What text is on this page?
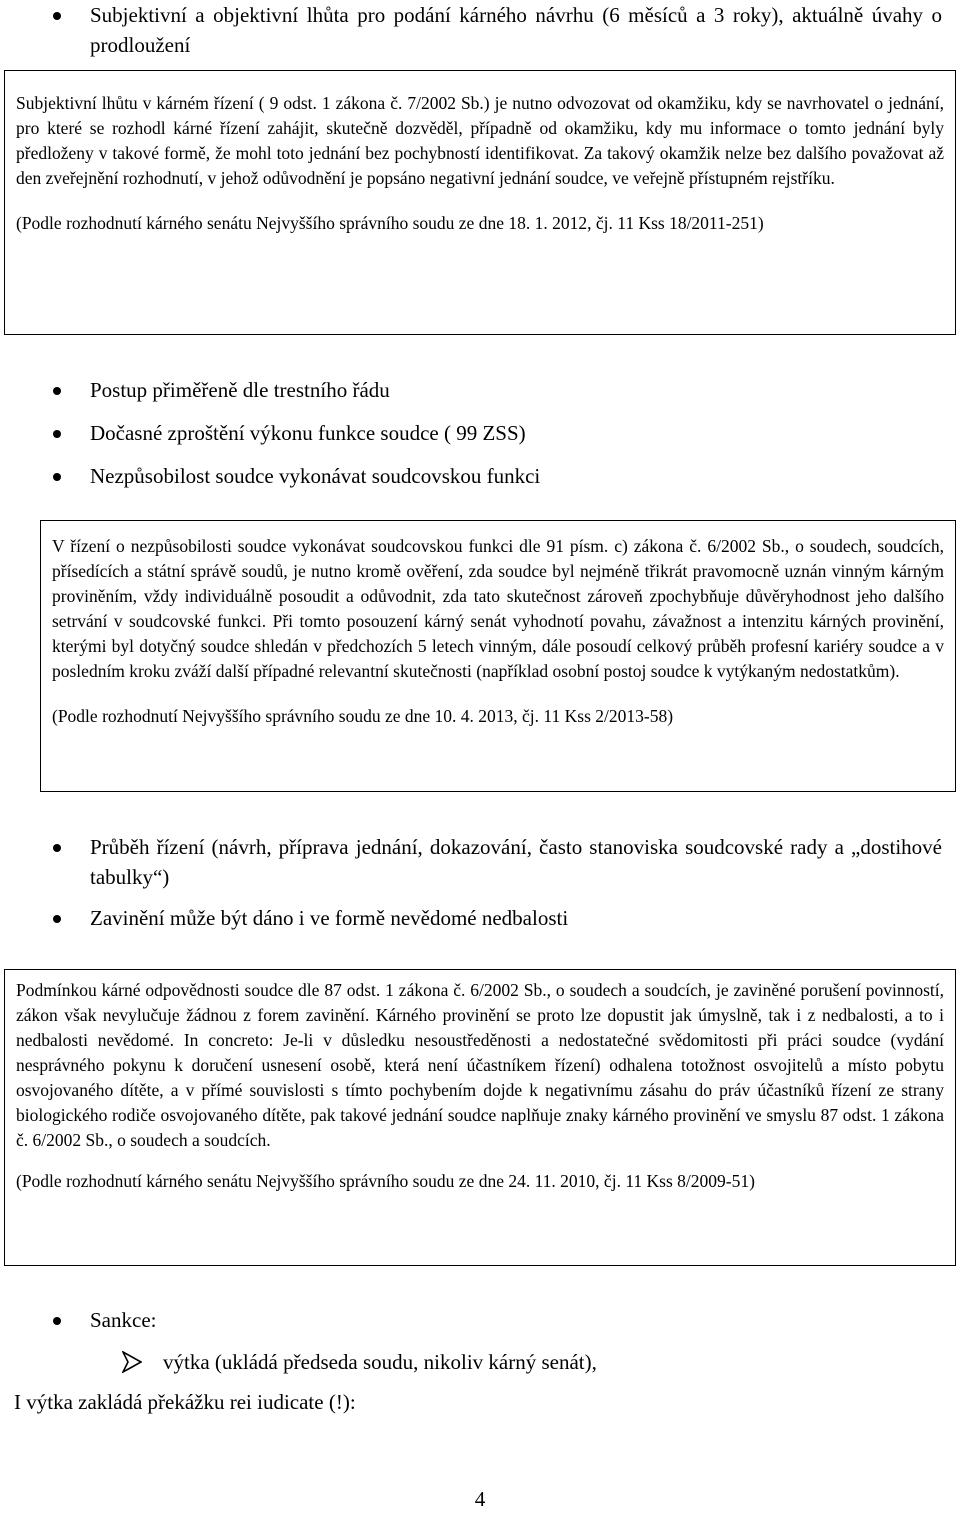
Subjektivní a objektivní lhůta pro podání kárného návrhu (6 měsíců a 3 roky), aktuálně úvahy o prodloužení

Subjektivní lhůtu v kárném řízení ( 9 odst. 1 zákona č. 7/2002 Sb.) je nutno odvozovat od okamžiku, kdy se navrhovatel o jednání, pro které se rozhodl kárné řízení zahájit, skutečně dozvěděl, případně od okamžiku, kdy mu informace o tomto jednání byly předloženy v takové formě, že mohl toto jednání bez pochybností identifikovat. Za takový okamžik nelze bez dalšího považovat až den zveřejnění rozhodnutí, v jehož odůvodnění je popsáno negativní jednání soudce, ve veřejně přístupném rejstříku.

(Podle rozhodnutí kárného senátu Nejvyššího správního soudu ze dne 18. 1. 2012, čj. 11 Kss 18/2011-251)

Postup přiměřeně dle trestního řádu
Dočasné zproštění výkonu funkce soudce ( 99 ZSS)
Nezpůsobilost soudce vykonávat soudcovskou funkci

V řízení o nezpůsobilosti soudce vykonávat soudcovskou funkci dle 91 písm. c) zákona č. 6/2002 Sb., o soudech, soudcích, přísedících a státní správě soudů, je nutno kromě ověření, zda soudce byl nejméně třikrát pravomocně uznán vinným kárným proviněním, vždy individuálně posoudit a odůvodnit, zda tato skutečnost zároveň zpochybňuje důvěryhodnost jeho dalšího setrvání v soudcovské funkci. Při tomto posouzení kárný senát vyhodnotí povahu, závažnost a intenzitu kárných provinění, kterými byl dotyčný soudce shledán v předchozích 5 letech vinným, dále posoudí celkový průběh profesní kariéry soudce a v posledním kroku zváží další případné relevantní skutečnosti (například osobní postoj soudce k vytýkaným nedostatkům).

(Podle rozhodnutí Nejvyššího správního soudu ze dne 10. 4. 2013, čj. 11 Kss 2/2013-58)

Průběh řízení (návrh, příprava jednání, dokazování, často stanoviska soudcovské rady a „dostihové tabulky“)
Zavinění může být dáno i ve formě nevědomé nedbalosti

Podmínkou kárné odpovědnosti soudce dle 87 odst. 1 zákona č. 6/2002 Sb., o soudech a soudcích, je zaviněné porušení povinností, zákon však nevylučuje žádnou z forem zavinění. Kárného provinění se proto lze dopustit jak úmyslně, tak i z nedbalosti, a to i nedbalosti nevědomé. In concreto: Je-li v důsledku nesoustředěnosti a nedostatečné svědomitosti při práci soudce (vydání nesprávného pokynu k doručení usnesení osobě, která není účastníkem řízení) odhalena totožnost osvojitelů a místo pobytu osvojovaného dítěte, a v přímé souvislosti s tímto pochybením dojde k negativnímu zásahu do práv účastníků řízení ze strany biologického rodiče osvojovaného dítěte, pak takové jednání soudce naplňuje znaky kárného provinění ve smyslu 87 odst. 1 zákona č. 6/2002 Sb., o soudech a soudcích.

(Podle rozhodnutí kárného senátu Nejvyššího správního soudu ze dne 24. 11. 2010, čj. 11 Kss 8/2009-51)

Sankce:
výtka (ukládá předseda soudu, nikoliv kárný senát),
I výtka zakládá překážku rei iudicate (!):
4
